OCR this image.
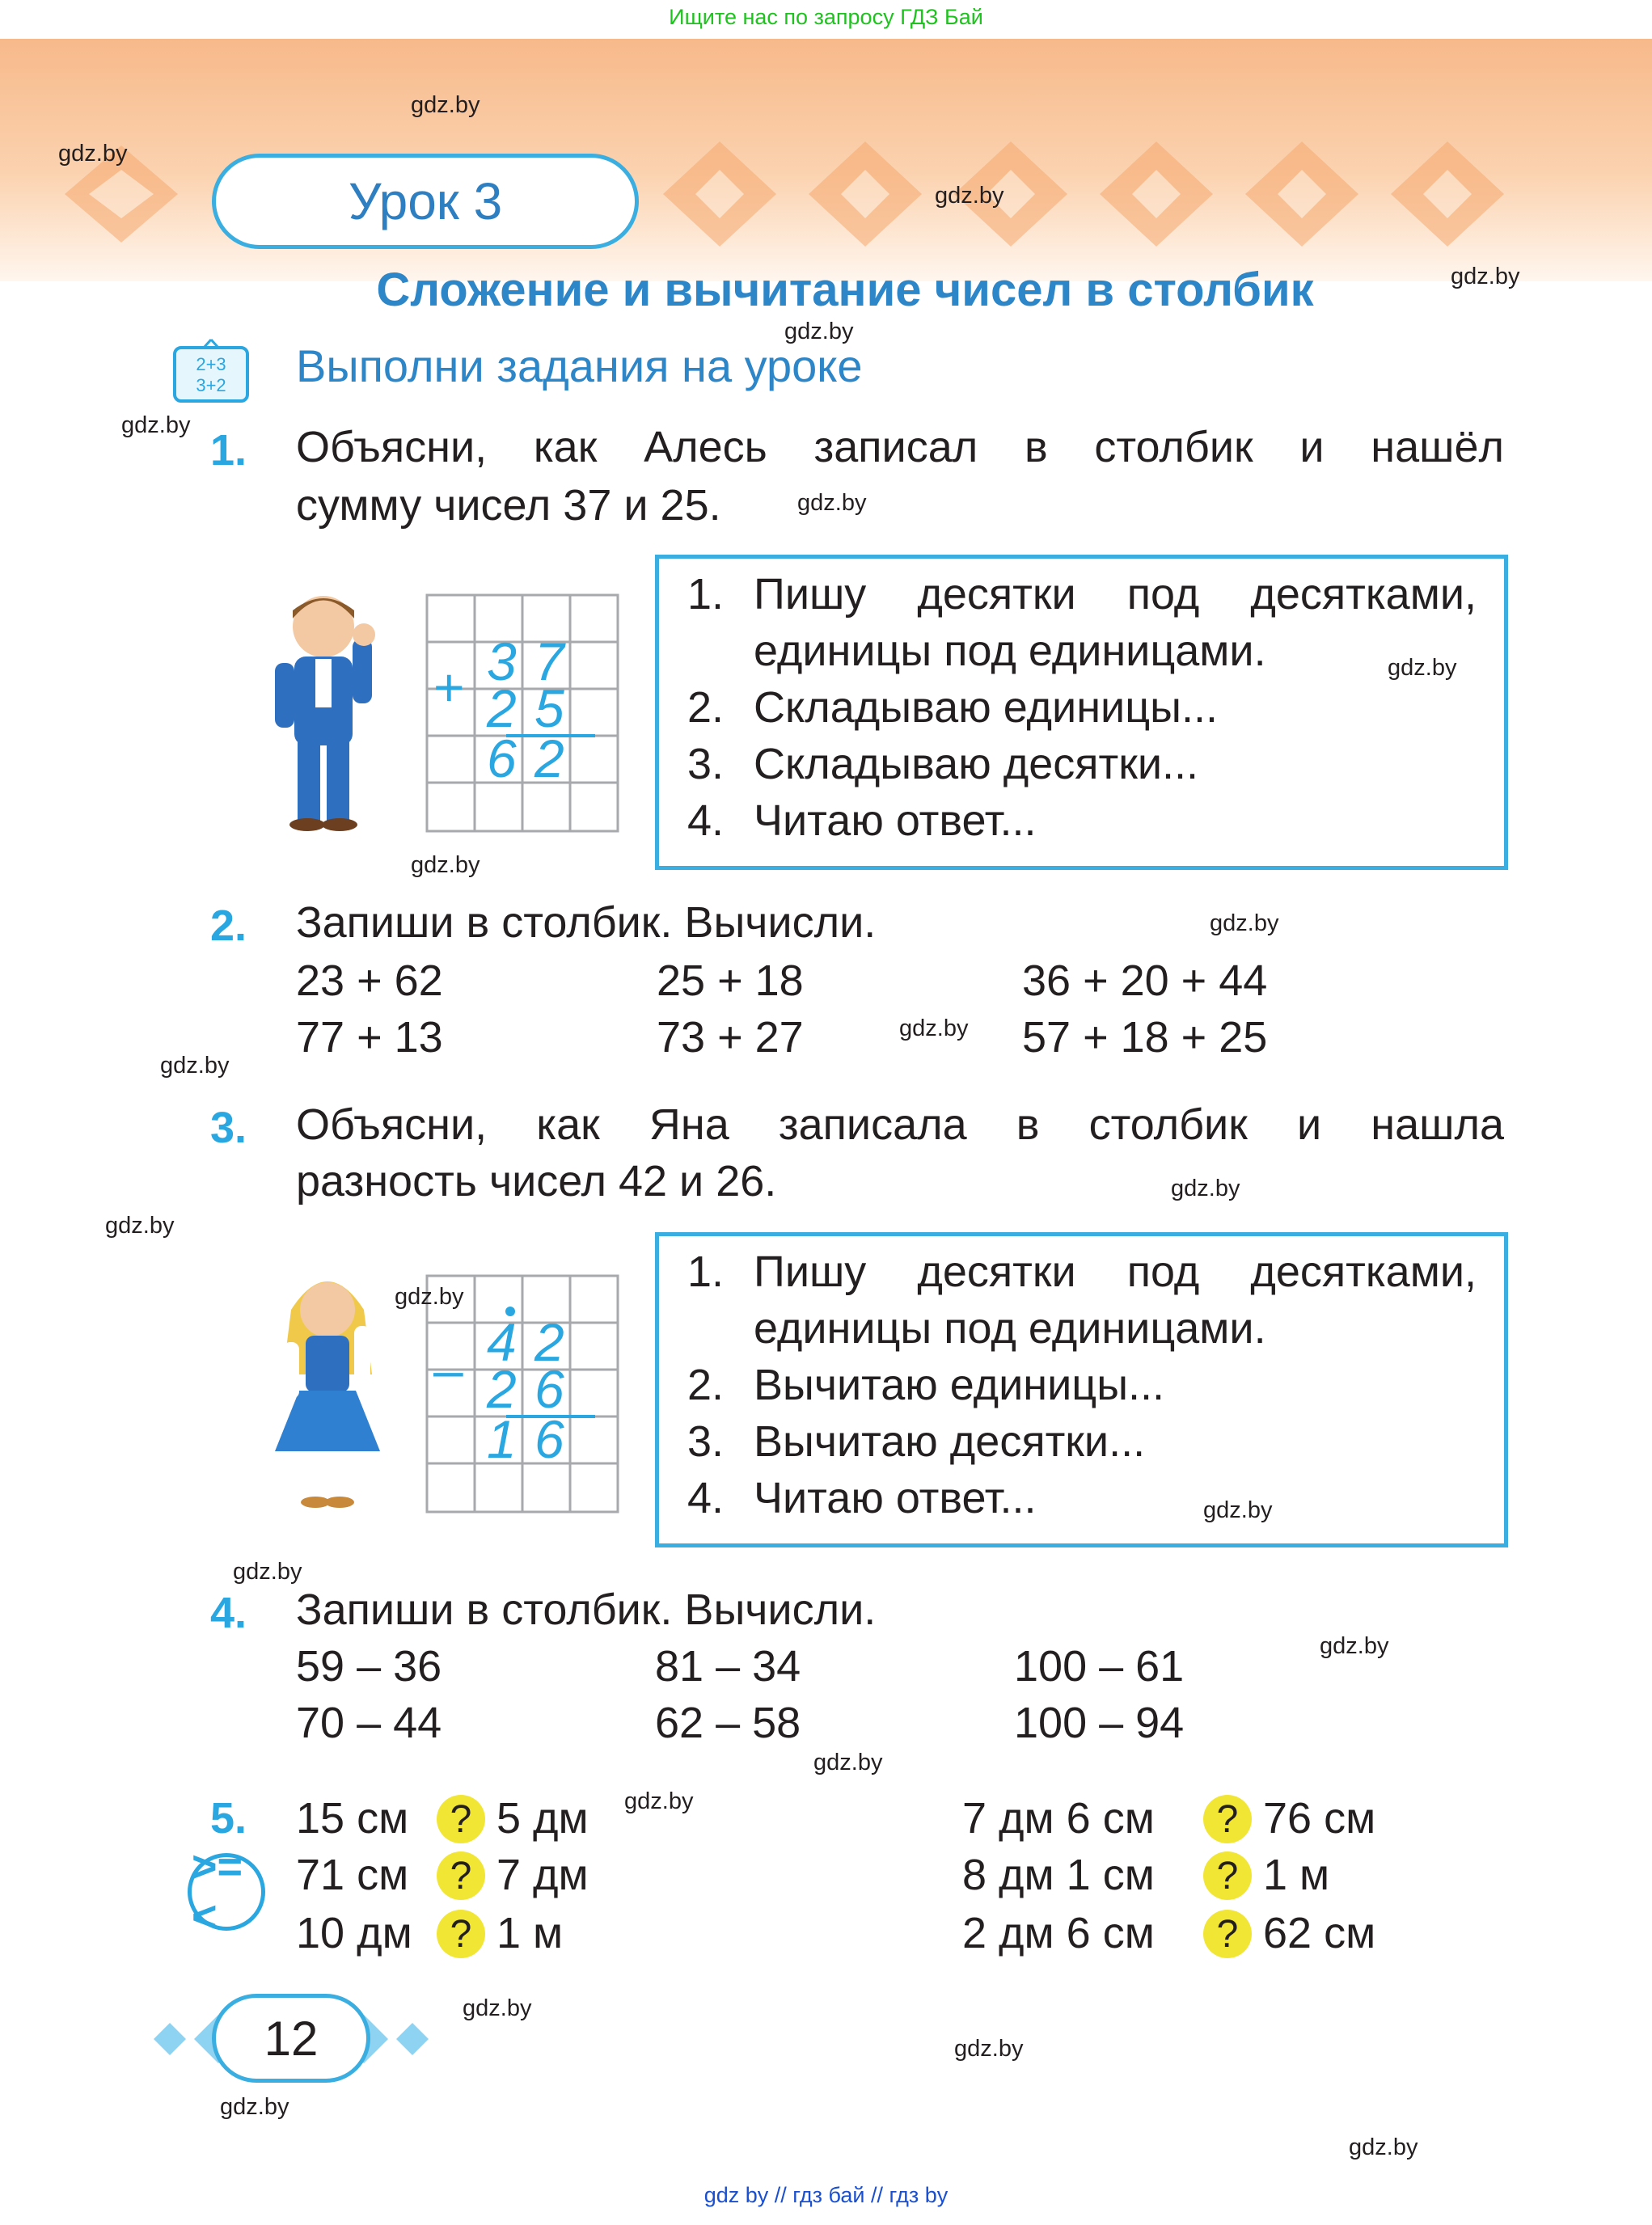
Ищите нас по запросу ГДЗ Бай
Урок 3
Сложение и вычитание чисел в столбик
2+3
3+2	Выполни задания на уроке
1. Объясни, как Алесь записал в столбик и нашёл
сумму чисел 37 и 25.
+ 3 7
2 5
6 2
1. Пишу десятки под десятками,
единицы под единицами.
2. Складываю единицы...
3. Складываю десятки...
4. Читаю ответ...
2. Запиши в столбик. Вычисли.
23 + 62	25 + 18	36 + 20 + 44
77 + 13	73 + 27	57 + 18 + 25
3. Объясни, как Яна записала в столбик и нашла
разность чисел 42 и 26.
– 4 2
2 6
1 6
1. Пишу десятки под десятками,
единицы под единицами.
2. Вычитаю единицы...
3. Вычитаю десятки...
4. Читаю ответ...
4. Запиши в столбик. Вычисли.
59 – 36	81 – 34	100 – 61
70 – 44	62 – 58	100 – 94
5.
>=<
15 см	? 5 дм
71 см	? 7 дм
10 дм ? 1 м
7 дм 6 см	? 76 см
8 дм 1 см	? 1 м
2 дм 6 см	? 62 см
12
gdz.by
gdz.by
gdz.by
gdz.by
gdz.by
gdz.by
gdz.by
gdz.by
gdz.by
gdz.by
gdz.by
gdz.by
gdz.by
gdz.by
gdz.by
gdz.by
gdz.by
gdz.by
gdz.by
gdz.by
gdz.by
gdz.by
gdz.by
gdz.by
gdz by // гдз бай // гдз by
